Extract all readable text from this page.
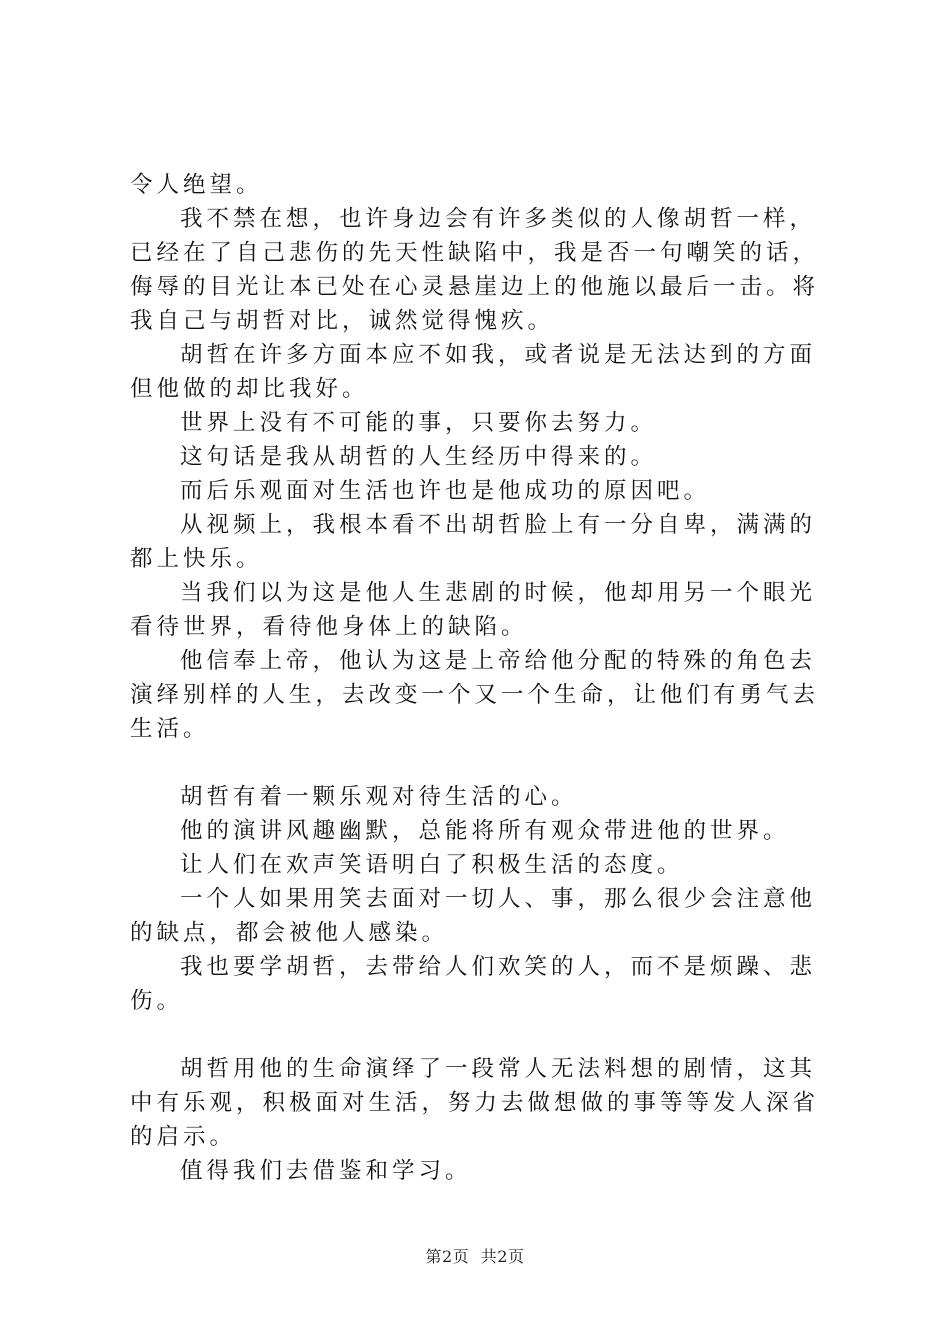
令人绝望。

我不禁在想，也许身边会有许多类似的人像胡哲一样，已经在了自己悲伤的先天性缺陷中，我是否一句嘲笑的话，侮辱的目光让本已处在心灵悬崖边上的他施以最后一击。将我自己与胡哲对比，诚然觉得愧疚。

胡哲在许多方面本应不如我，或者说是无法达到的方面但他做的却比我好。

世界上没有不可能的事，只要你去努力。

这句话是我从胡哲的人生经历中得来的。

而后乐观面对生活也许也是他成功的原因吧。

从视频上，我根本看不出胡哲脸上有一分自卑，满满的都上快乐。

当我们以为这是他人生悲剧的时候，他却用另一个眼光看待世界，看待他身体上的缺陷。

他信奉上帝，他认为这是上帝给他分配的特殊的角色去演绎别样的人生，去改变一个又一个生命，让他们有勇气去生活。

胡哲有着一颗乐观对待生活的心。

他的演讲风趣幽默，总能将所有观众带进他的世界。

让人们在欢声笑语明白了积极生活的态度。

一个人如果用笑去面对一切人、事，那么很少会注意他的缺点，都会被他人感染。

我也要学胡哲，去带给人们欢笑的人，而不是烦躁、悲伤。

胡哲用他的生命演绎了一段常人无法料想的剧情，这其中有乐观，积极面对生活，努力去做想做的事等等发人深省的启示。

值得我们去借鉴和学习。

第2页 共2页
